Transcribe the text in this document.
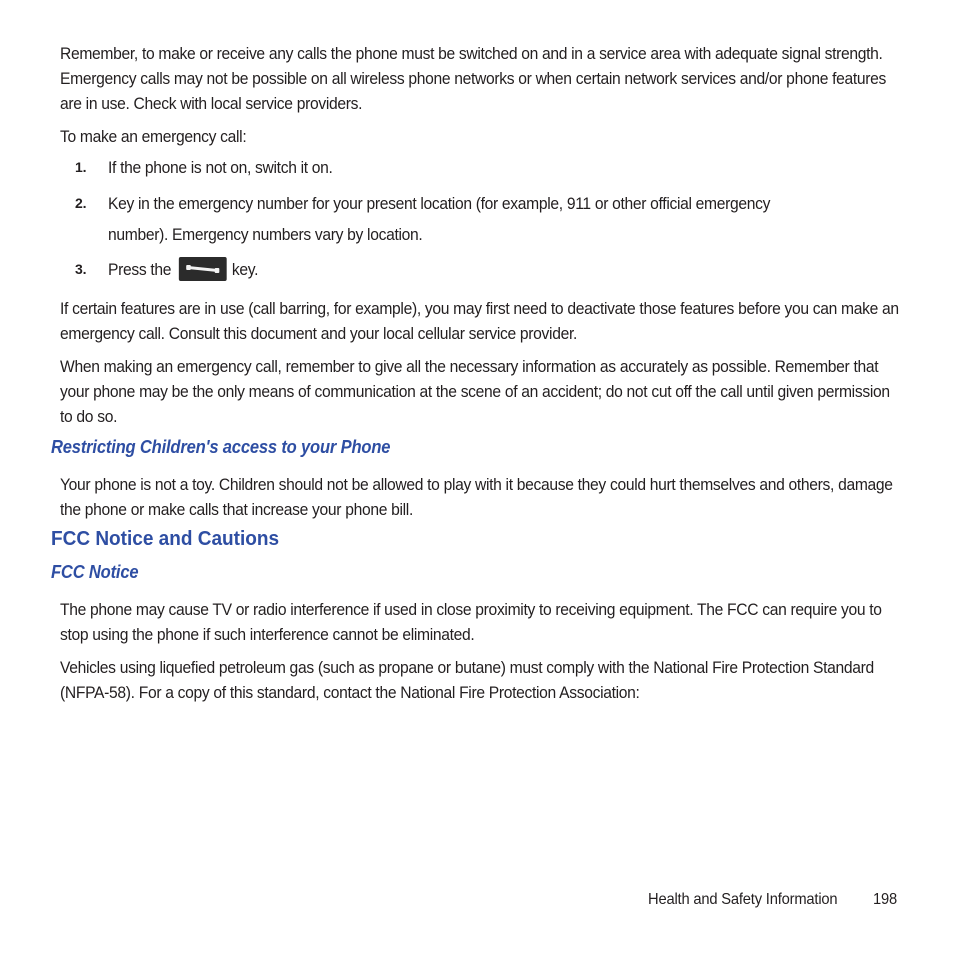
Remember, to make or receive any calls the phone must be switched on and in a service area with adequate signal strength. Emergency calls may not be possible on all wireless phone networks or when certain network services and/or phone features are in use. Check with local service providers.

To make an emergency call:

1. If the phone is not on, switch it on.
2. Key in the emergency number for your present location (for example, 911 or other official emergency
number). Emergency numbers vary by location.
3. Press the	key.

If certain features are in use (call barring, for example), you may first need to deactivate those features before you can make an emergency call. Consult this document and your local cellular service provider.

When making an emergency call, remember to give all the necessary information as accurately as possible. Remember that your phone may be the only means of communication at the scene of an accident; do not cut off the call until given permission to do so.

Restricting Children's access to your Phone

Your phone is not a toy. Children should not be allowed to play with it because they could hurt themselves and others, damage the phone or make calls that increase your phone bill.

FCC Notice and Cautions
FCC Notice

The phone may cause TV or radio interference if used in close proximity to receiving equipment. The FCC can require you to stop using the phone if such interference cannot be eliminated.

Vehicles using liquefied petroleum gas (such as propane or butane) must comply with the National Fire Protection Standard (NFPA-58). For a copy of this standard, contact the National Fire Protection Association:

Health and Safety Information 198
